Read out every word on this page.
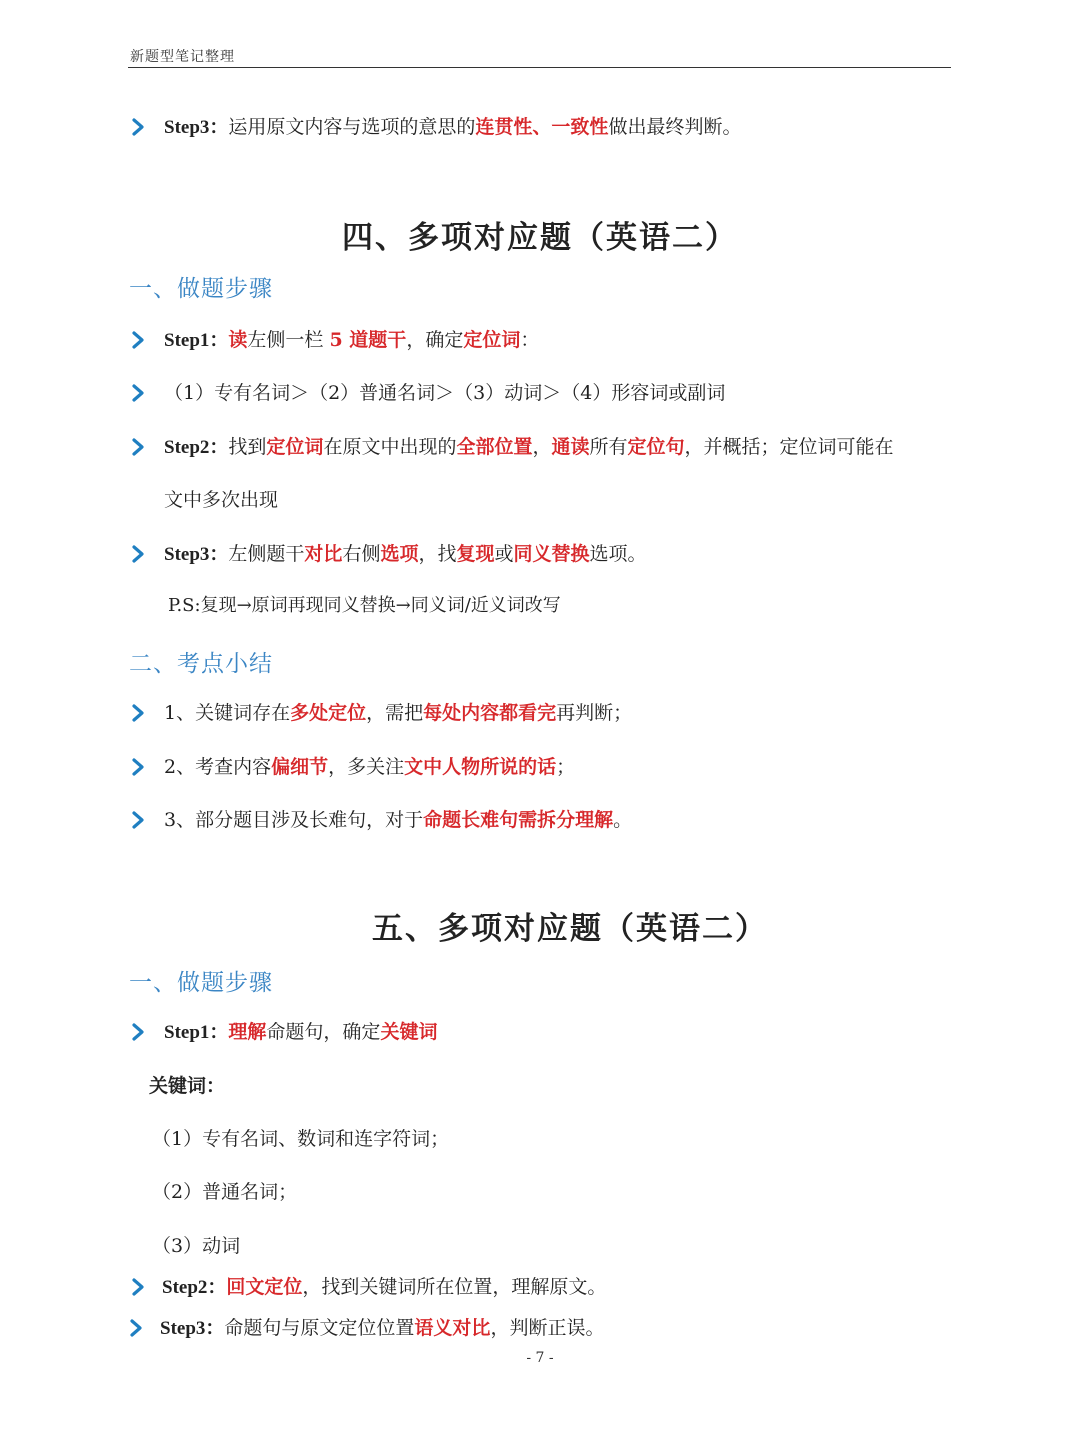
新题型笔记整理
Step3：运用原文内容与选项的意思的连贯性、一致性做出最终判断。
四、多项对应题（英语二）
一、做题步骤
Step1：读左侧一栏 5 道题干，确定定位词：
（1）专有名词＞（2）普通名词＞（3）动词＞（4）形容词或副词
Step2：找到定位词在原文中出现的全部位置，通读所有定位句，并概括；定位词可能在
文中多次出现
Step3：左侧题干对比右侧选项，找复现或同义替换选项。
P.S:复现→原词再现同义替换→同义词/近义词改写
二、考点小结
1、关键词存在多处定位，需把每处内容都看完再判断；
2、考查内容偏细节，多关注文中人物所说的话；
3、部分题目涉及长难句，对于命题长难句需拆分理解。
五、多项对应题（英语二）
一、做题步骤
Step1：理解命题句，确定关键词
关键词：
（1）专有名词、数词和连字符词；
（2）普通名词；
（3）动词
Step2：回文定位，找到关键词所在位置，理解原文。
Step3：命题句与原文定位位置语义对比，判断正误。
- 7 -
